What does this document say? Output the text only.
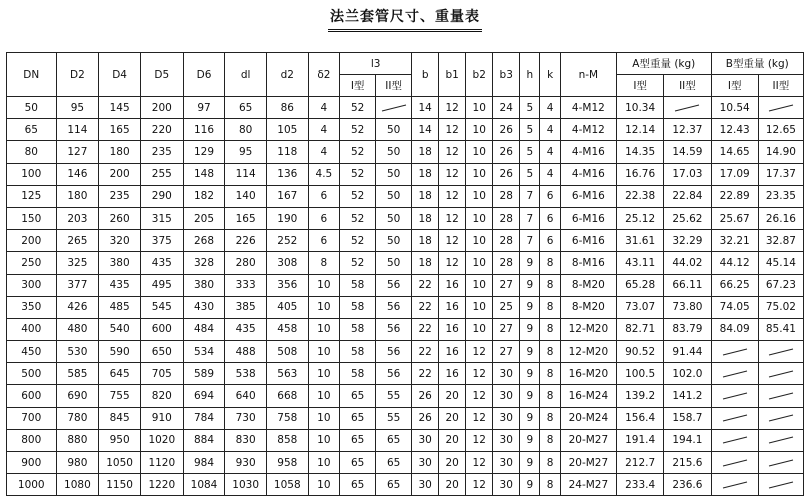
法兰套管尺寸、重量表
DN	D2	D4	D5	D6	dl	d2	δ2	l3		b	b1	b2	b3	h	k	n-M	A型重量 (kg)		B型重量 (kg)	
								I型	II型								I型	II型	I型	II型
50	95	145	200	97	65	86	4	52		14	12	10	24	5	4	4-M12	10.34		10.54	

65	114	165	220	116	80	105	4	52	50	14	12	10	26	5	4	4-M12	12.14	12.37	12.43	12.65
80	127	180	235	129	95	118	4	52	50	18	12	10	26	5	4	4-M16	14.35	14.59	14.65	14.90
100	146	200	255	148	114	136	4.5	52	50	18	12	10	26	5	4	4-M16	16.76	17.03	17.09	17.37
125	180	235	290	182	140	167	6	52	50	18	12	10	28	7	6	6-M16	22.38	22.84	22.89	23.35
150	203	260	315	205	165	190	6	52	50	18	12	10	28	7	6	6-M16	25.12	25.62	25.67	26.16
200	265	320	375	268	226	252	6	52	50	18	12	10	28	7	6	6-M16	31.61	32.29	32.21	32.87
250	325	380	435	328	280	308	8	52	50	18	12	10	28	9	8	8-M16	43.11	44.02	44.12	45.14
300	377	435	495	380	333	356	10	58	56	22	16	10	27	9	8	8-M20	65.28	66.11	66.25	67.23
350	426	485	545	430	385	405	10	58	56	22	16	10	25	9	8	8-M20	73.07	73.80	74.05	75.02
400	480	540	600	484	435	458	10	58	56	22	16	10	27	9	8	12-M20	82.71	83.79	84.09	85.41
450	530	590	650	534	488	508	10	58	56	22	16	12	27	9	8	12-M20	90.52	91.44	

500	585	645	705	589	538	563	10	58	56	22	16	12	30	9	8	16-M20	100.5	102.0	

600	690	755	820	694	640	668	10	65	55	26	20	12	30	9	8	16-M24	139.2	141.2	

700	780	845	910	784	730	758	10	65	55	26	20	12	30	9	8	20-M24	156.4	158.7	

800	880	950	1020	884	830	858	10	65	65	30	20	12	30	9	8	20-M27	191.4	194.1	

900	980	1050	1120	984	930	958	10	65	65	30	20	12	30	9	8	20-M27	212.7	215.6	

1000	1080	1150	1220	1084	1030	1058	10	65	65	30	20	12	30	9	8	24-M27	233.4	236.6	
